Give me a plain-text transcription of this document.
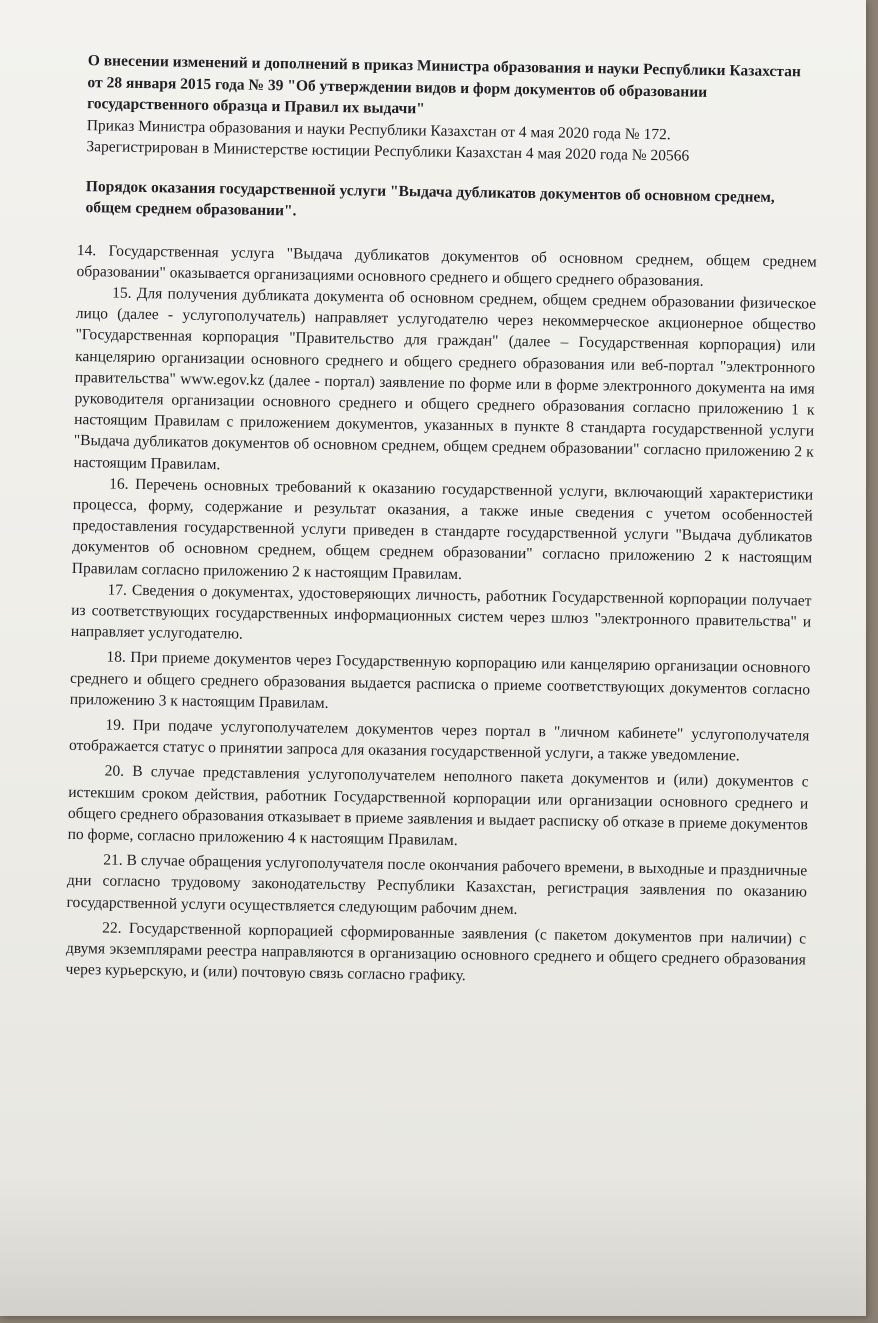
О внесении изменений и дополнений в приказ Министра образования и науки Республики Казахстан от 28 января 2015 года № 39 "Об утверждении видов и форм документов об образовании государственного образца и Правил их выдачи"
Приказ Министра образования и науки Республики Казахстан от 4 мая 2020 года № 172.
Зарегистрирован в Министерстве юстиции Республики Казахстан 4 мая 2020 года № 20566
Порядок оказания государственной услуги "Выдача дубликатов документов об основном среднем, общем среднем образовании".

14. Государственная услуга "Выдача дубликатов документов об основном среднем, общем среднем образовании" оказывается организациями основного среднего и общего среднего образования.

15. Для получения дубликата документа об основном среднем, общем среднем образовании физическое лицо (далее - услугополучатель) направляет услугодателю через некоммерческое акционерное общество "Государственная корпорация "Правительство для граждан" (далее – Государственная корпорация) или канцелярию организации основного среднего и общего среднего образования или веб-портал "электронного правительства" www.egov.kz (далее - портал) заявление по форме или в форме электронного документа на имя руководителя организации основного среднего и общего среднего образования согласно приложению 1 к настоящим Правилам с приложением документов, указанных в пункте 8 стандарта государственной услуги "Выдача дубликатов документов об основном среднем, общем среднем образовании" согласно приложению 2 к настоящим Правилам.

16. Перечень основных требований к оказанию государственной услуги, включающий характеристики процесса, форму, содержание и результат оказания, а также иные сведения с учетом особенностей предоставления государственной услуги приведен в стандарте государственной услуги "Выдача дубликатов документов об основном среднем, общем среднем образовании" согласно приложению 2 к настоящим Правилам согласно приложению 2 к настоящим Правилам.

17. Сведения о документах, удостоверяющих личность, работник Государственной корпорации получает из соответствующих государственных информационных систем через шлюз "электронного правительства" и направляет услугодателю.

18. При приеме документов через Государственную корпорацию или канцелярию организации основного среднего и общего среднего образования выдается расписка о приеме соответствующих документов согласно приложению 3 к настоящим Правилам.

19. При подаче услугополучателем документов через портал в "личном кабинете" услугополучателя отображается статус о принятии запроса для оказания государственной услуги, а также уведомление.

20. В случае представления услугополучателем неполного пакета документов и (или) документов с истекшим сроком действия, работник Государственной корпорации или организации основного среднего и общего среднего образования отказывает в приеме заявления и выдает расписку об отказе в приеме документов по форме, согласно приложению 4 к настоящим Правилам.

21. В случае обращения услугополучателя после окончания рабочего времени, в выходные и праздничные дни согласно трудовому законодательству Республики Казахстан, регистрация заявления по оказанию государственной услуги осуществляется следующим рабочим днем.

22. Государственной корпорацией сформированные заявления (с пакетом документов при наличии) с двумя экземплярами реестра направляются в организацию основного среднего и общего среднего образования через курьерскую, и (или) почтовую связь согласно графику.
